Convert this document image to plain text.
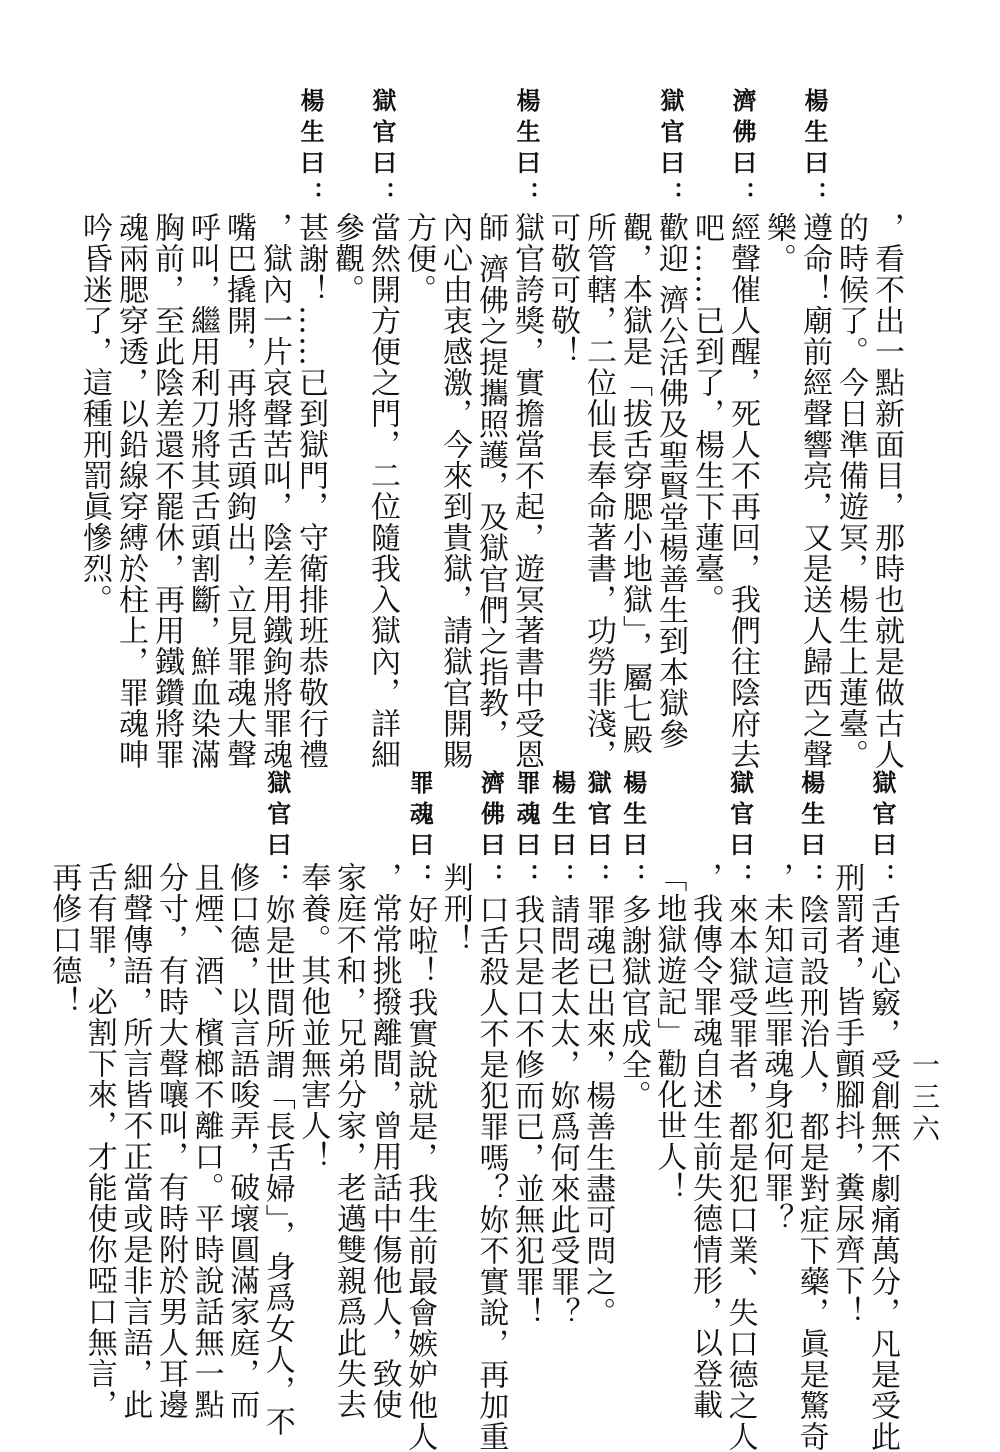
一三六
，看不出一點新面目，那時也就是做古人
的時候了。今日準備遊冥，楊生上蓮臺。
楊生曰：遵命！廟前經聲響亮，又是送人歸西之聲
樂。
濟佛曰：經聲催人醒，死人不再回，我們往陰府去
吧……已到了，楊生下蓮臺。
獄官曰：歡迎 濟公活佛及聖賢堂楊善生到本獄參
觀，本獄是「拔舌穿腮小地獄」，屬七殿
所管轄，二位仙長奉命著書，功勞非淺，
可敬可敬！
楊生曰：獄官誇獎，實擔當不起，遊冥著書中受恩
師 濟佛之提攜照護，及獄官們之指教，
內心由衷感激，今來到貴獄，請獄官開賜
方便。
獄官曰：當然開方便之門，二位隨我入獄內，詳細
參觀。
楊生曰：甚謝！……已到獄門，守衛排班恭敬行禮
，獄內一片哀聲苦叫，陰差用鐵鉤將罪魂
嘴巴撬開，再將舌頭鉤出，立見罪魂大聲
呼叫，繼用利刀將其舌頭割斷，鮮血染滿
胸前，至此陰差還不罷休，再用鐵鑽將罪
魂兩腮穿透，以鉛線穿縛於柱上，罪魂呻
吟昏迷了，這種刑罰眞慘烈。
獄官曰：舌連心竅，受創無不劇痛萬分，凡是受此
刑罰者，皆手顫腳抖，糞尿齊下！
楊生曰：陰司設刑治人，都是對症下藥，眞是驚奇
，未知這些罪魂身犯何罪？
獄官曰：來本獄受罪者，都是犯口業、失口德之人
，我傳令罪魂自述生前失德情形，以登載
「地獄遊記」勸化世人！
楊生曰：多謝獄官成全。
獄官曰：罪魂已出來，楊善生盡可問之。
楊生曰：請問老太太，妳爲何來此受罪？
罪魂曰：我只是口不修而已，並無犯罪！
濟佛曰：口舌殺人不是犯罪嗎？妳不實說，再加重
判刑！
罪魂曰：好啦！我實說就是，我生前最會嫉妒他人
，常常挑撥離間，曾用話中傷他人，致使
家庭不和，兄弟分家，老邁雙親爲此失去
奉養。其他並無害人！
獄官曰：妳是世間所謂「長舌婦」，身爲女人，不
修口德，以言語唆弄，破壞圓滿家庭，而
且煙、酒、檳榔不離口。平時說話無一點
分寸，有時大聲嚷叫，有時附於男人耳邊
細聲傳語，所言皆不正當或是非言語，此
舌有罪，必割下來，才能使你啞口無言，
再修口德！
